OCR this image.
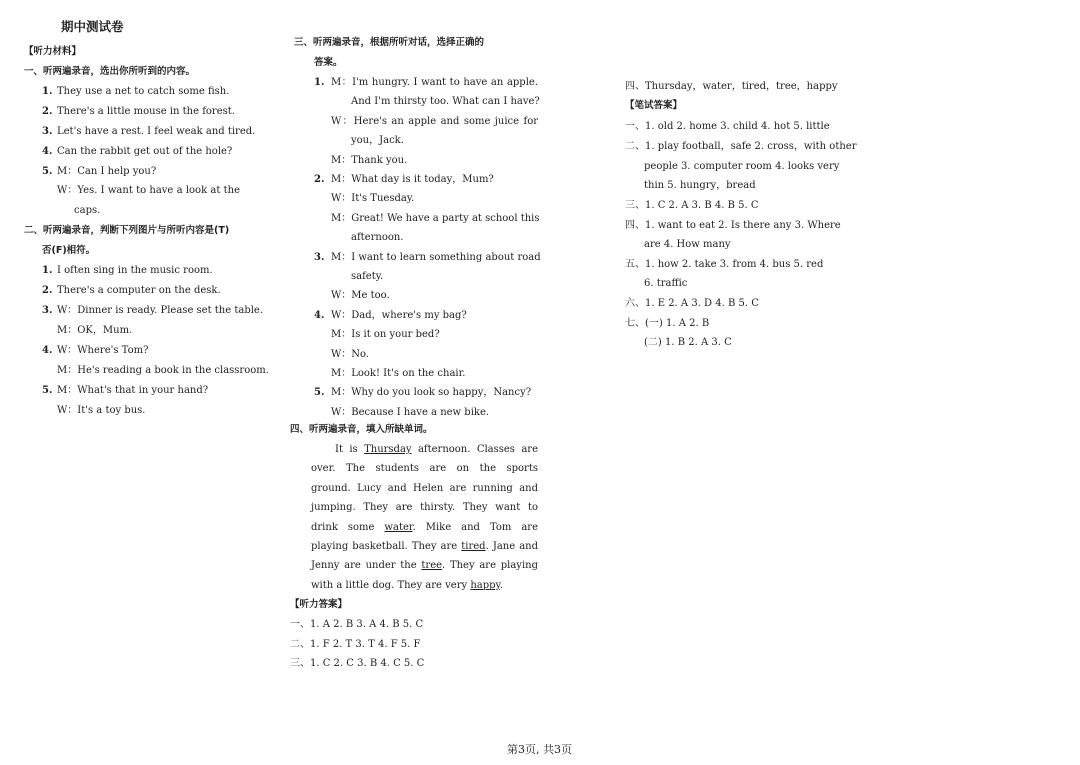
期中测试卷
【听力材料】
一、听两遍录音，选出你所听到的内容。
1. They use a net to catch some fish.
2. There's a little mouse in the forest.
3. Let's have a rest. I feel weak and tired.
4. Can the rabbit get out of the hole?
5. M：Can I help you?
W：Yes. I want to have a look at the
caps.
二、听两遍录音，判断下列图片与所听内容是(T)
否(F)相符。
1. I often sing in the music room.
2. There's a computer on the desk.
3. W：Dinner is ready. Please set the table.
M：OK，Mum.
4. W：Where's Tom?
M：He's reading a book in the classroom.
5. M：What's that in your hand?
W：It's a toy bus.
三、听两遍录音，根据所听对话，选择正确的
答案。
1. M：I'm hungry. I want to have an apple.
And I'm thirsty too. What can I have?
W：Here's an apple and some juice for
you，Jack.
M：Thank you.
2. M：What day is it today，Mum?
W：It's Tuesday.
M：Great! We have a party at school this
afternoon.
3. M：I want to learn something about road
safety.
W：Me too.
4. W：Dad，where's my bag?
M：Is it on your bed?
W：No.
M：Look! It's on the chair.
5. M：Why do you look so happy，Nancy?
W：Because I have a new bike.
四、听两遍录音，填入所缺单词。
It is Thursday afternoon. Classes are
over. The students are on the sports
ground. Lucy and Helen are running and
jumping. They are thirsty. They want to
drink some water. Mike and Tom are
playing basketball. They are tired. Jane and
Jenny are under the tree. They are playing
with a little dog. They are very happy.
【听力答案】
一、1. A 2. B 3. A 4. B 5. C
二、1. F 2. T 3. T 4. F 5. F
三、1. C 2. C 3. B 4. C 5. C
四、Thursday，water，tired，tree，happy
【笔试答案】
一、1. old 2. home 3. child 4. hot 5. little
二、1. play football，safe 2. cross，with other
people 3. computer room 4. looks very
thin 5. hungry，bread
三、1. C 2. A 3. B 4. B 5. C
四、1. want to eat 2. Is there any 3. Where
are 4. How many
五、1. how 2. take 3. from 4. bus 5. red
6. traffic
六、1. E 2. A 3. D 4. B 5. C
七、(一) 1. A 2. B
(二) 1. B 2. A 3. C
第3页, 共3页
